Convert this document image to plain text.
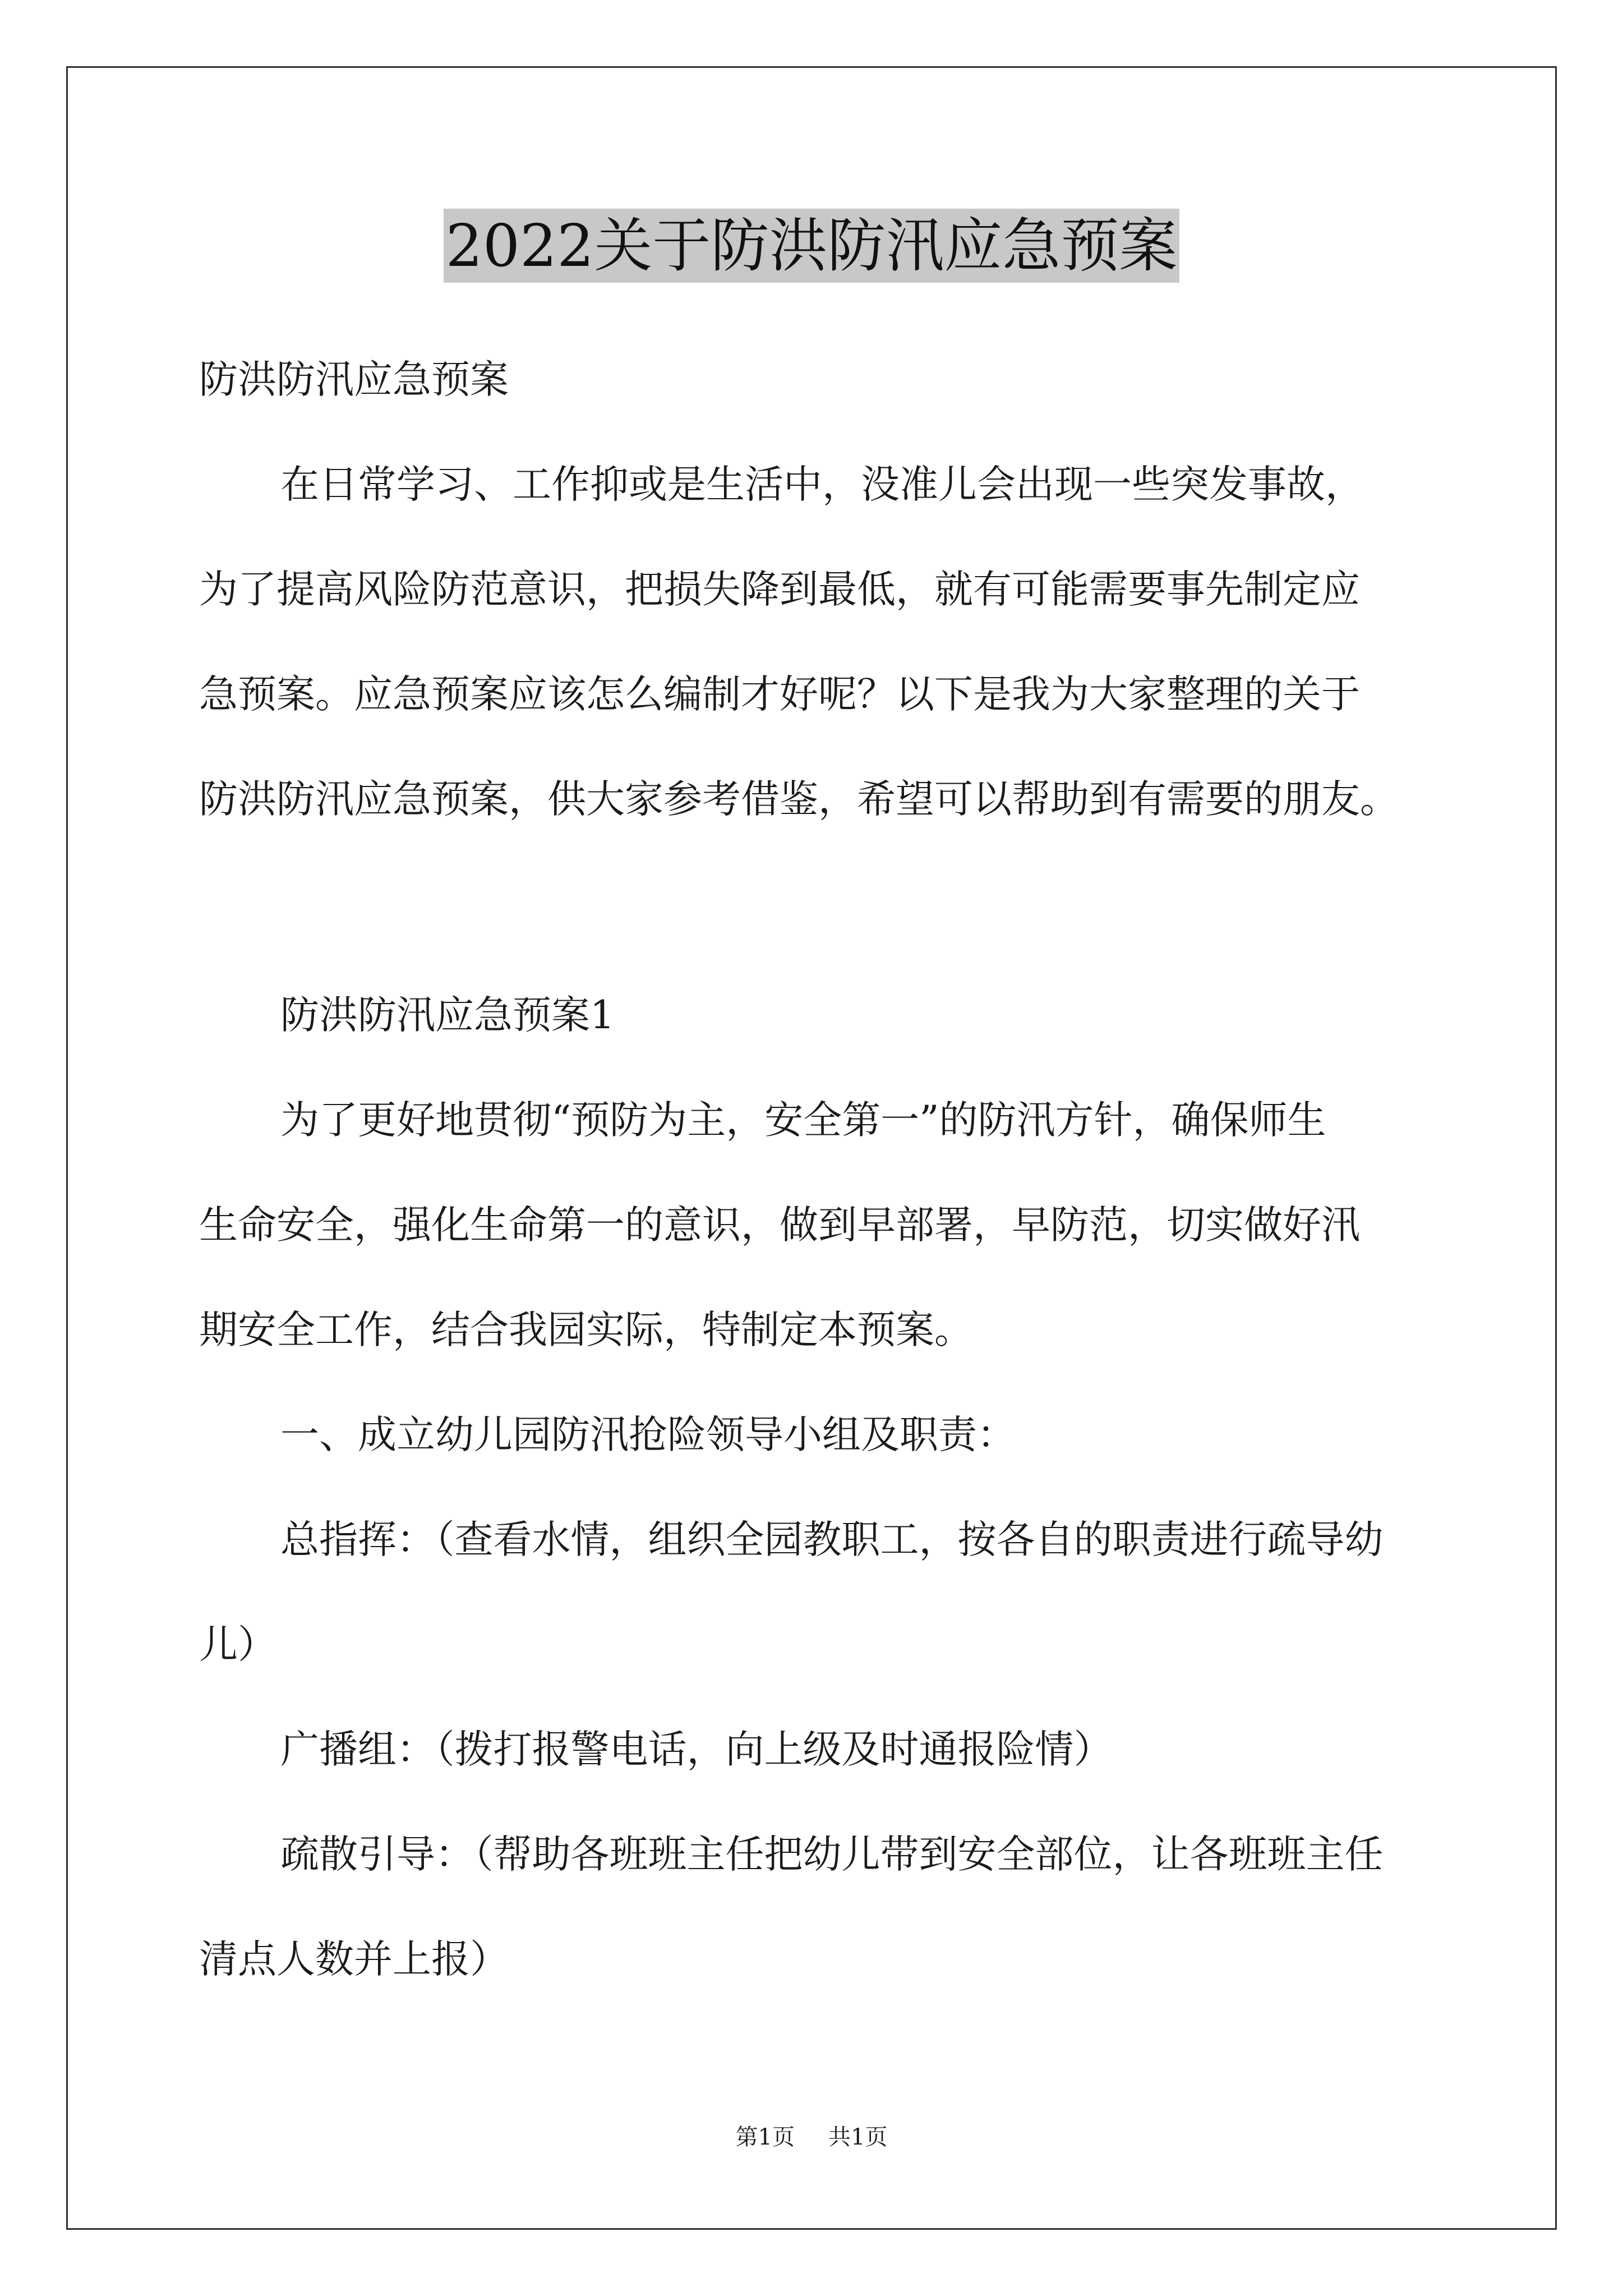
2022关于防洪防汛应急预案
防洪防汛应急预案
在日常学习、工作抑或是生活中，没准儿会出现一些突发事故，
为了提高风险防范意识，把损失降到最低，就有可能需要事先制定应
急预案。应急预案应该怎么编制才好呢？以下是我为大家整理的关于
防洪防汛应急预案，供大家参考借鉴，希望可以帮助到有需要的朋友。
防洪防汛应急预案1
为了更好地贯彻“预防为主，安全第一”的防汛方针，确保师生
生命安全，强化生命第一的意识，做到早部署，早防范，切实做好汛
期安全工作，结合我园实际，特制定本预案。
一、成立幼儿园防汛抢险领导小组及职责：
总指挥：（查看水情，组织全园教职工，按各自的职责进行疏导幼
儿）
广播组：（拨打报警电话，向上级及时通报险情）
疏散引导：（帮助各班班主任把幼儿带到安全部位，让各班班主任
清点人数并上报）
第1页 共1页
